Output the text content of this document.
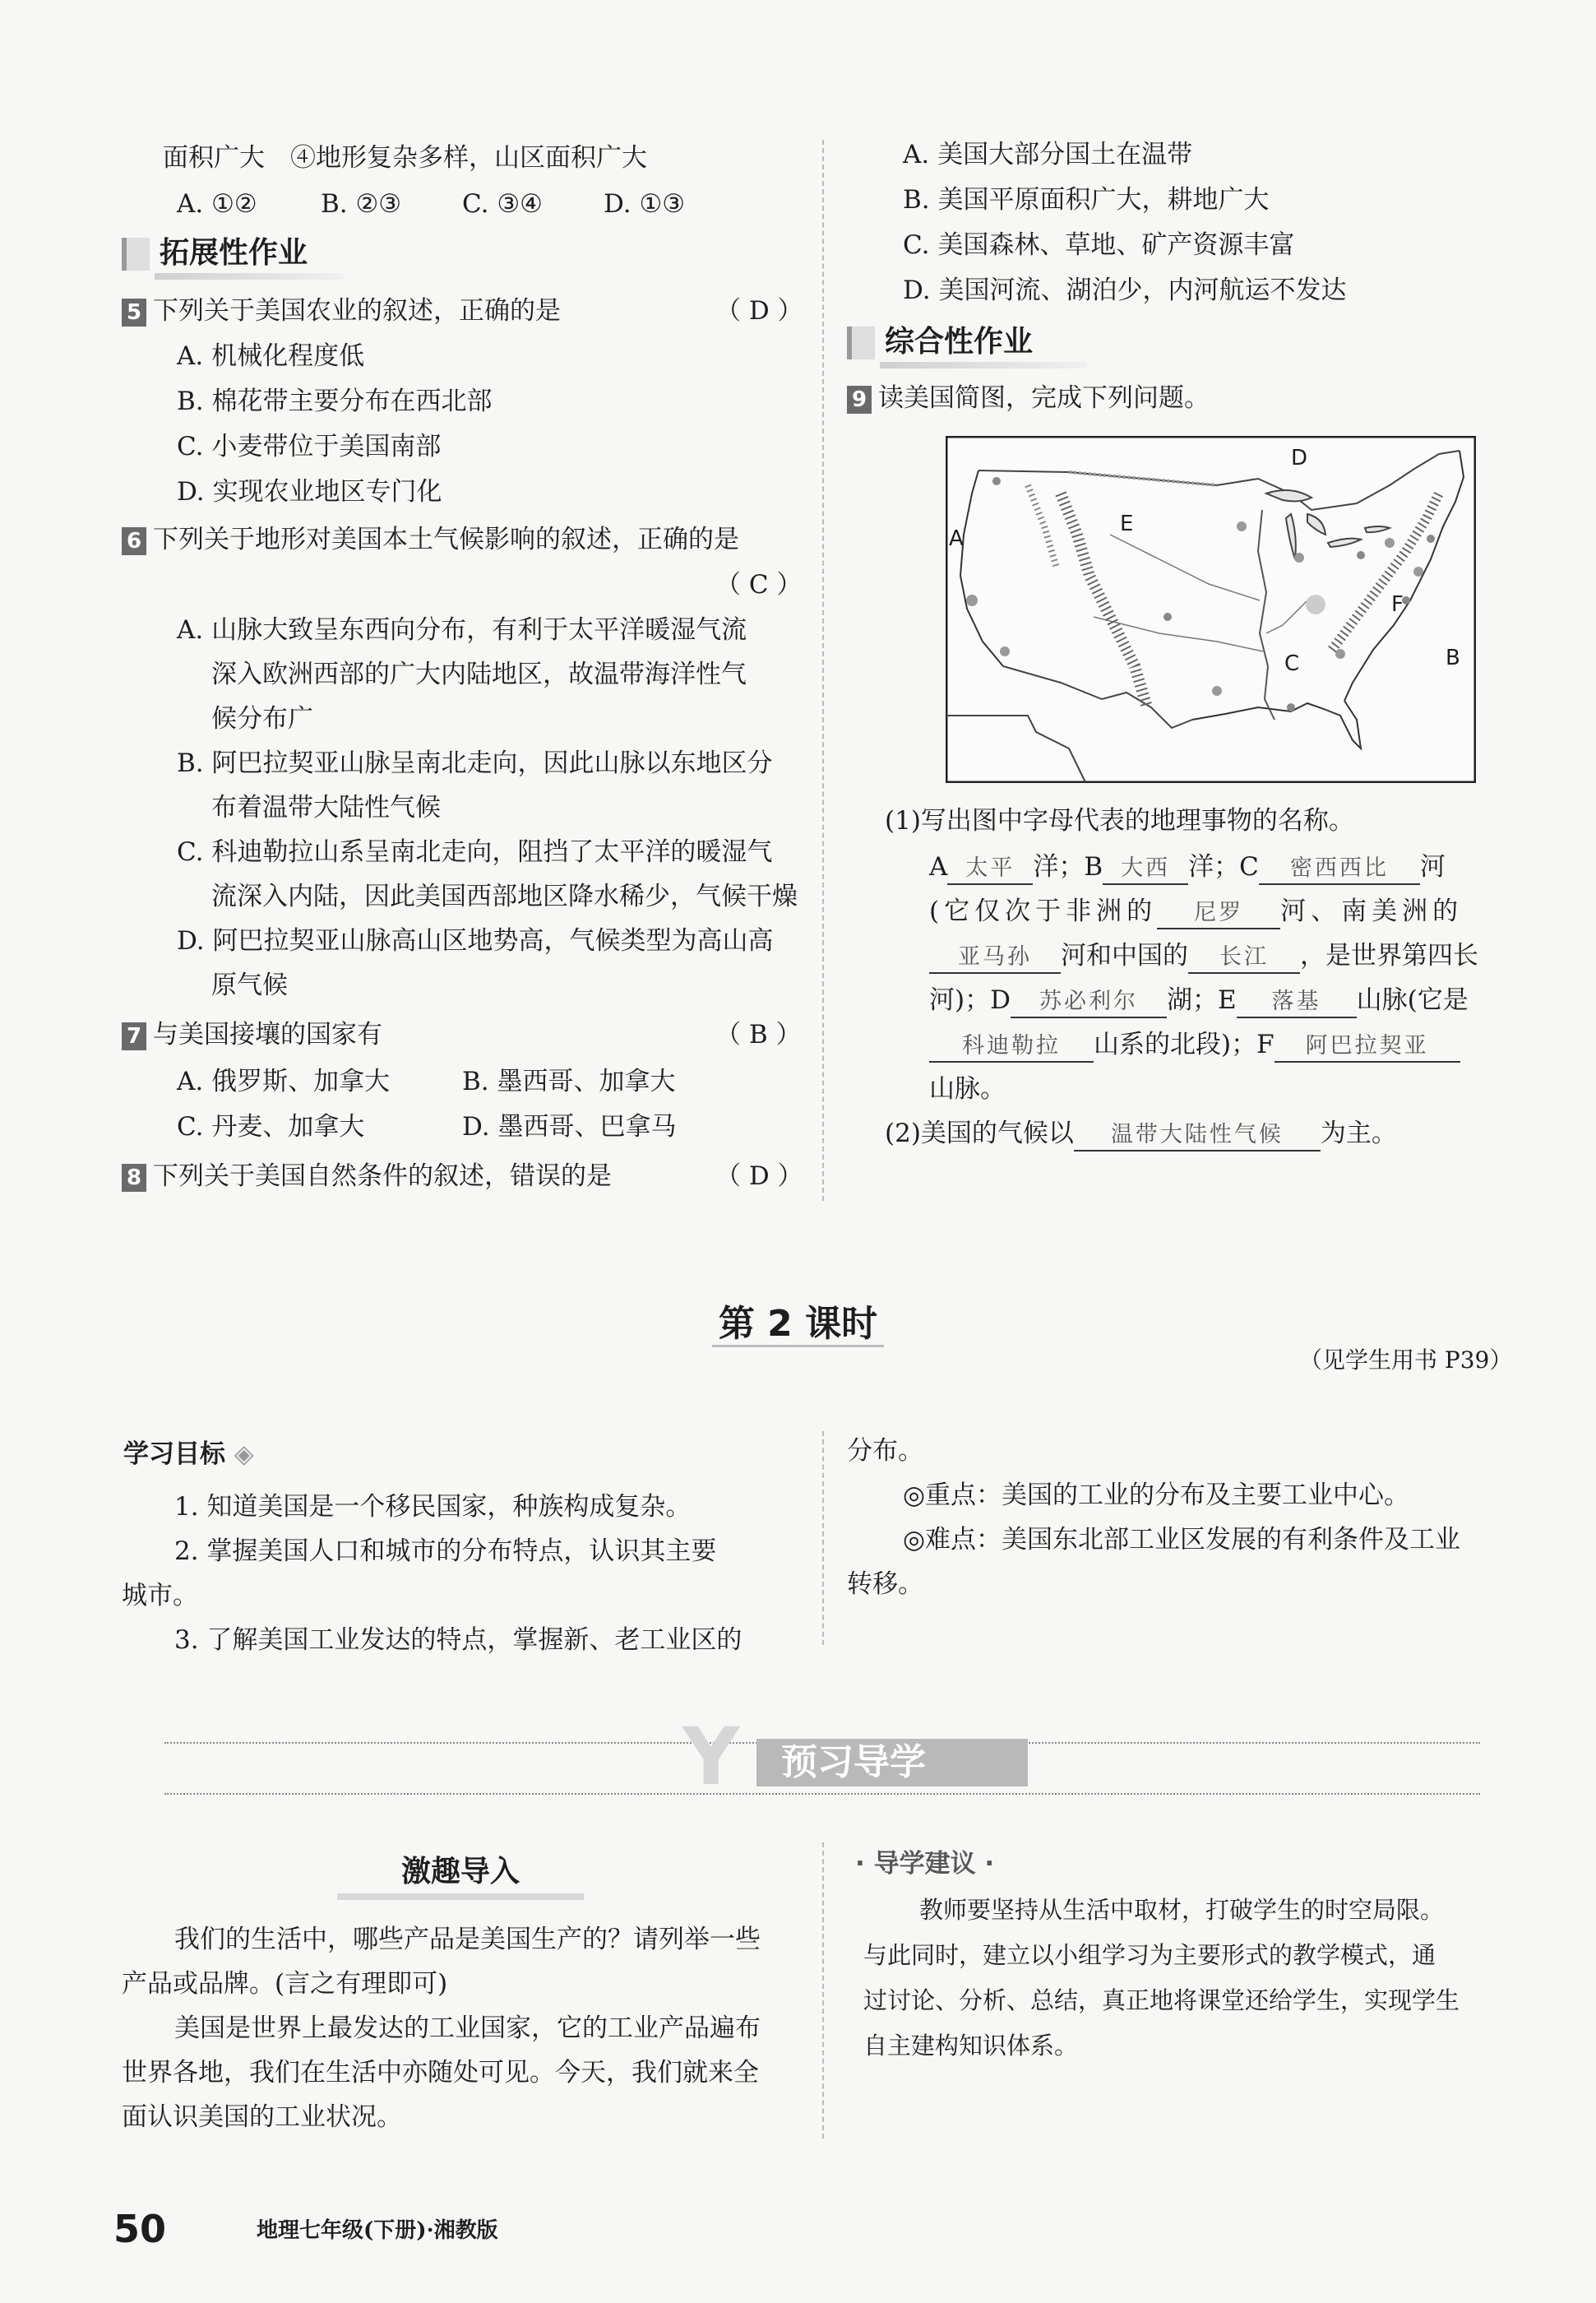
面积广大　④地形复杂多样，山区面积广大
A. ①② B. ②③ C. ③④ D. ①③
拓展性作业
5 下列关于美国农业的叙述，正确的是	（ D ）
A. 机械化程度低
B. 棉花带主要分布在西北部
C. 小麦带位于美国南部
D. 实现农业地区专门化
6 下列关于地形对美国本土气候影响的叙述，正确的是
（ C ）
A. 山脉大致呈东西向分布，有利于太平洋暖湿气流
深入欧洲西部的广大内陆地区，故温带海洋性气
候分布广
B. 阿巴拉契亚山脉呈南北走向，因此山脉以东地区分
布着温带大陆性气候
C. 科迪勒拉山系呈南北走向，阻挡了太平洋的暖湿气
流深入内陆，因此美国西部地区降水稀少，气候干燥
D. 阿巴拉契亚山脉高山区地势高，气候类型为高山高
原气候
7 与美国接壤的国家有	（ B ）
A. 俄罗斯、加拿大	B. 墨西哥、加拿大
C. 丹麦、加拿大	D. 墨西哥、巴拿马
8 下列关于美国自然条件的叙述，错误的是	（ D ）
A. 美国大部分国土在温带
B. 美国平原面积广大，耕地广大
C. 美国森林、草地、矿产资源丰富
D. 美国河流、湖泊少，内河航运不发达
综合性作业
9 读美国简图，完成下列问题。
A
B
C
D
E
F
(1)写出图中字母代表的地理事物的名称。
A 太平 洋；B 大西 洋；C 密西西比 河
(它仅次于非洲的 尼罗 河、南美洲的
亚马孙 河和中国的 长江 ，是世界第四长
河)；D 苏必利尔 湖；E 落基 山脉(它是
科迪勒拉 山系的北段)；F 阿巴拉契亚
山脉。
(2)美国的气候以 温带大陆性气候 为主。
第 2 课时
（见学生用书 P39）
学习目标 ◈
1. 知道美国是一个移民国家，种族构成复杂。
2. 掌握美国人口和城市的分布特点，认识其主要
城市。
3. 了解美国工业发达的特点，掌握新、老工业区的
分布。
◎重点：美国的工业的分布及主要工业中心。
◎难点：美国东北部工业区发展的有利条件及工业
转移。
Y	预习导学
激趣导入
我们的生活中，哪些产品是美国生产的？请列举一些
产品或品牌。(言之有理即可)
美国是世界上最发达的工业国家，它的工业产品遍布
世界各地，我们在生活中亦随处可见。今天，我们就来全
面认识美国的工业状况。
· 导学建议 ·
教师要坚持从生活中取材，打破学生的时空局限。
与此同时，建立以小组学习为主要形式的教学模式，通
过讨论、分析、总结，真正地将课堂还给学生，实现学生
自主建构知识体系。
50	地理七年级(下册)·湘教版
